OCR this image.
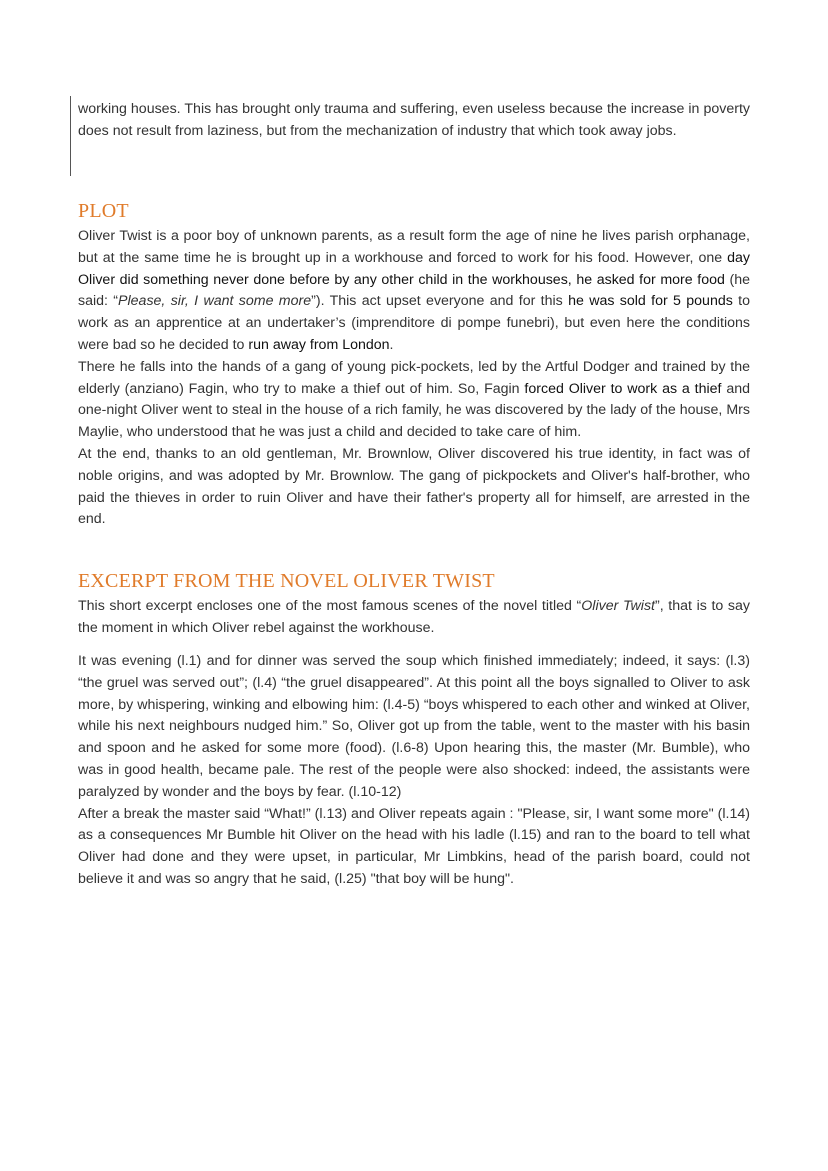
working houses. This has brought only trauma and suffering, even useless because the increase in poverty does not result from laziness, but from the mechanization of industry that which took away jobs.
PLOT

Oliver Twist is a poor boy of unknown parents, as a result form the age of nine he lives parish orphanage, but at the same time he is brought up in a workhouse and forced to work for his food. However, one day Oliver did something never done before by any other child in the workhouses, he asked for more food (he said: “Please, sir, I want some more”). This act upset everyone and for this he was sold for 5 pounds to work as an apprentice at an undertaker’s (imprenditore di pompe funebri), but even here the conditions were bad so he decided to run away from London.

There he falls into the hands of a gang of young pick-pockets, led by the Artful Dodger and trained by the elderly (anziano) Fagin, who try to make a thief out of him. So, Fagin forced Oliver to work as a thief and one-night Oliver went to steal in the house of a rich family, he was discovered by the lady of the house, Mrs Maylie, who understood that he was just a child and decided to take care of him.

At the end, thanks to an old gentleman, Mr. Brownlow, Oliver discovered his true identity, in fact was of noble origins, and was adopted by Mr. Brownlow. The gang of pickpockets and Oliver's half-brother, who paid the thieves in order to ruin Oliver and have their father's property all for himself, are arrested in the end.

EXCERPT FROM THE NOVEL OLIVER TWIST

This short excerpt encloses one of the most famous scenes of the novel titled “Oliver Twist”, that is to say the moment in which Oliver rebel against the workhouse.

It was evening (l.1) and for dinner was served the soup which finished immediately; indeed, it says: (l.3) “the gruel was served out”; (l.4) “the gruel disappeared”. At this point all the boys signalled to Oliver to ask more, by whispering, winking and elbowing him: (l.4-5) “boys whispered to each other and winked at Oliver, while his next neighbours nudged him.” So, Oliver got up from the table, went to the master with his basin and spoon and he asked for some more (food). (l.6-8) Upon hearing this, the master (Mr. Bumble), who was in good health, became pale. The rest of the people were also shocked: indeed, the assistants were paralyzed by wonder and the boys by fear. (l.10-12)

After a break the master said “What!” (l.13) and Oliver repeats again : "Please, sir, I want some more" (l.14) as a consequences Mr Bumble hit Oliver on the head with his ladle (l.15) and ran to the board to tell what Oliver had done and they were upset, in particular, Mr Limbkins, head of the parish board, could not believe it and was so angry that he said, (l.25) "that boy will be hung".
